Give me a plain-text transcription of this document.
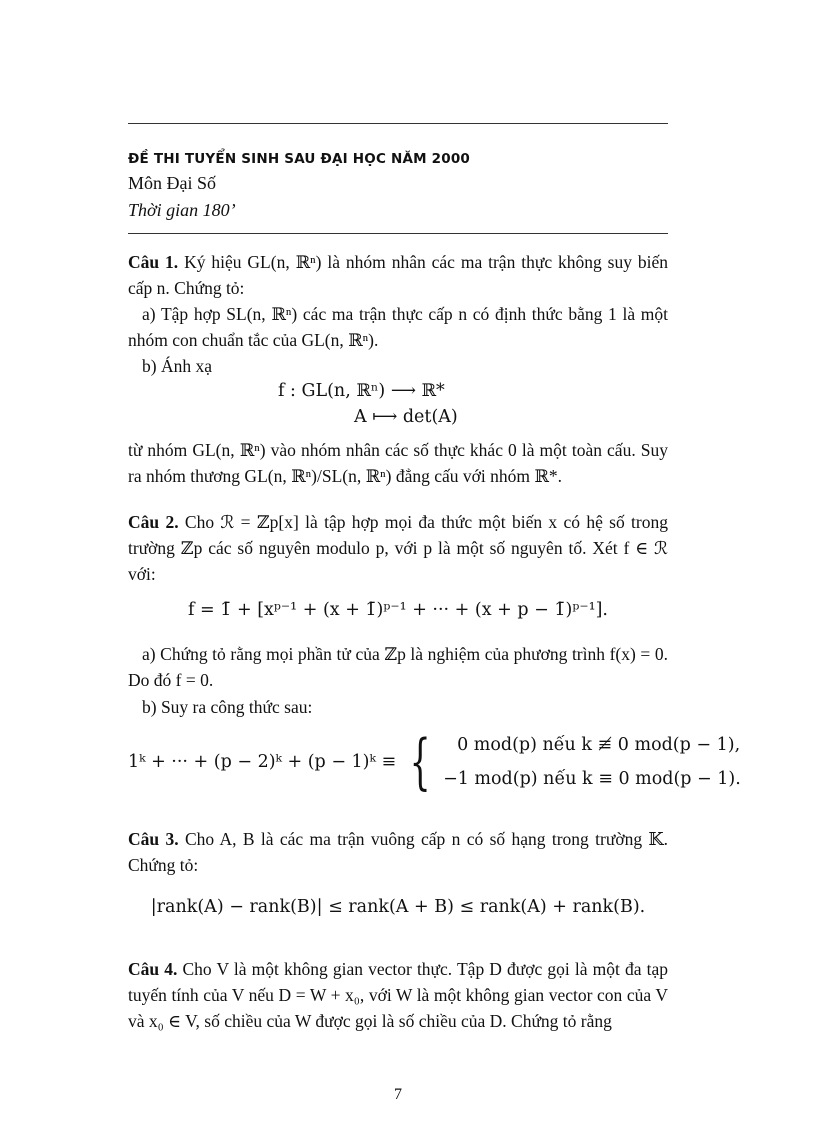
ĐỀ THI TUYỂN SINH SAU ĐẠI HỌC NĂM 2000
Môn Đại Số
Thời gian 180’
Câu 1. Ký hiệu GL(n, ℝⁿ) là nhóm nhân các ma trận thực không suy biến cấp n. Chứng tỏ:
a) Tập hợp SL(n, ℝⁿ) các ma trận thực cấp n có định thức bằng 1 là một nhóm con chuẩn tắc của GL(n, ℝⁿ).
b) Ánh xạ
f : GL(n, ℝⁿ) ⟶ ℝ*
A ⟼ det(A)
từ nhóm GL(n, ℝⁿ) vào nhóm nhân các số thực khác 0 là một toàn cấu. Suy ra nhóm thương GL(n, ℝⁿ)/SL(n, ℝⁿ) đẳng cấu với nhóm ℝ*.
Câu 2. Cho ℛ = ℤp[x] là tập hợp mọi đa thức một biến x có hệ số trong trường ℤp các số nguyên modulo p, với p là một số nguyên tố. Xét f ∈ ℛ với:
f = 1̄ + [xᵖ⁻¹ + (x + 1̄)ᵖ⁻¹ + ··· + (x + p − 1̄)ᵖ⁻¹].
a) Chứng tỏ rằng mọi phần tử của ℤp là nghiệm của phương trình f(x) = 0. Do đó f = 0.
b) Suy ra công thức sau:
1ᵏ + ··· + (p − 2)ᵏ + (p − 1)ᵏ ≡ {	0 mod(p) nếu k ≢ 0 mod(p − 1),
−1 mod(p) nếu k ≡ 0 mod(p − 1).
Câu 3. Cho A, B là các ma trận vuông cấp n có số hạng trong trường 𝕂. Chứng tỏ:
|rank(A) − rank(B)| ≤ rank(A + B) ≤ rank(A) + rank(B).
Câu 4. Cho V là một không gian vector thực. Tập D được gọi là một đa tạp tuyến tính của V nếu D = W + x₀, với W là một không gian vector con của V và x₀ ∈ V, số chiều của W được gọi là số chiều của D. Chứng tỏ rằng
7
